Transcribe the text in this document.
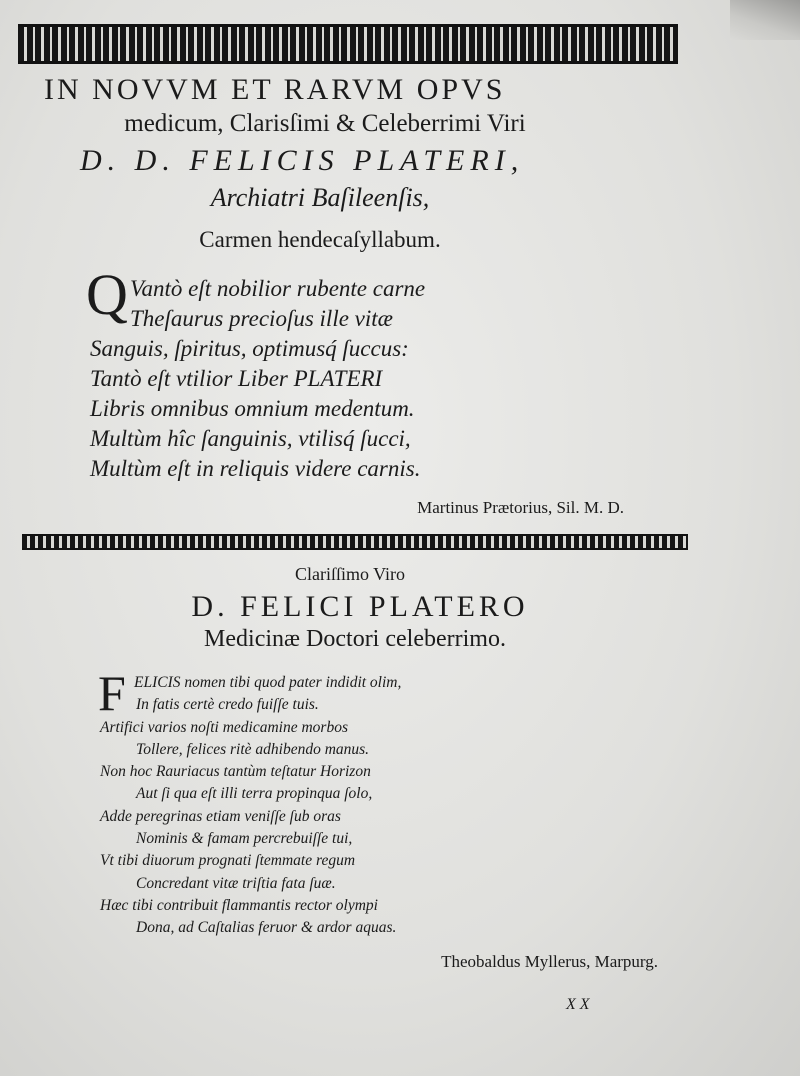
IN NOVVM ET RARVM OPVS
medicum, Clarisſimi & Celeberrimi Viri
D. D. FELICIS PLATERI,
Archiatri Baſileenſis,
Carmen hendecaſyllabum.
Q Vantò eſt nobilior rubente carne
Theſaurus precioſus ille vitæ
Sanguis, ſpiritus, optimusq́ ſuccus:
Tantò eſt vtilior Liber PLATERI
Libris omnibus omnium medentum.
Multùm hîc ſanguinis, vtilisq́ ſucci,
Multùm eſt in reliquis videre carnis.
Martinus Prætorius, Sil. M. D.
Clariſſimo Viro
D. FELICI PLATERO
Medicinæ Doctori celeberrimo.
F ELICIS nomen tibi quod pater indidit olim,
In fatis certè credo fuiſſe tuis.
Artifici varios noſti medicamine morbos
Tollere, felices ritè adhibendo manus.
Non hoc Rauriacus tantùm teſtatur Horizon
Aut ſi qua eſt illi terra propinqua ſolo,
Adde peregrinas etiam veniſſe ſub oras
Nominis & famam percrebuiſſe tui,
Vt tibi diuorum prognati ſtemmate regum
Concredant vitæ triſtia fata ſuæ.
Hæc tibi contribuit flammantis rector olympi
Dona, ad Caſtalias feruor & ardor aquas.
Theobaldus Myllerus, Marpurg.
X X
